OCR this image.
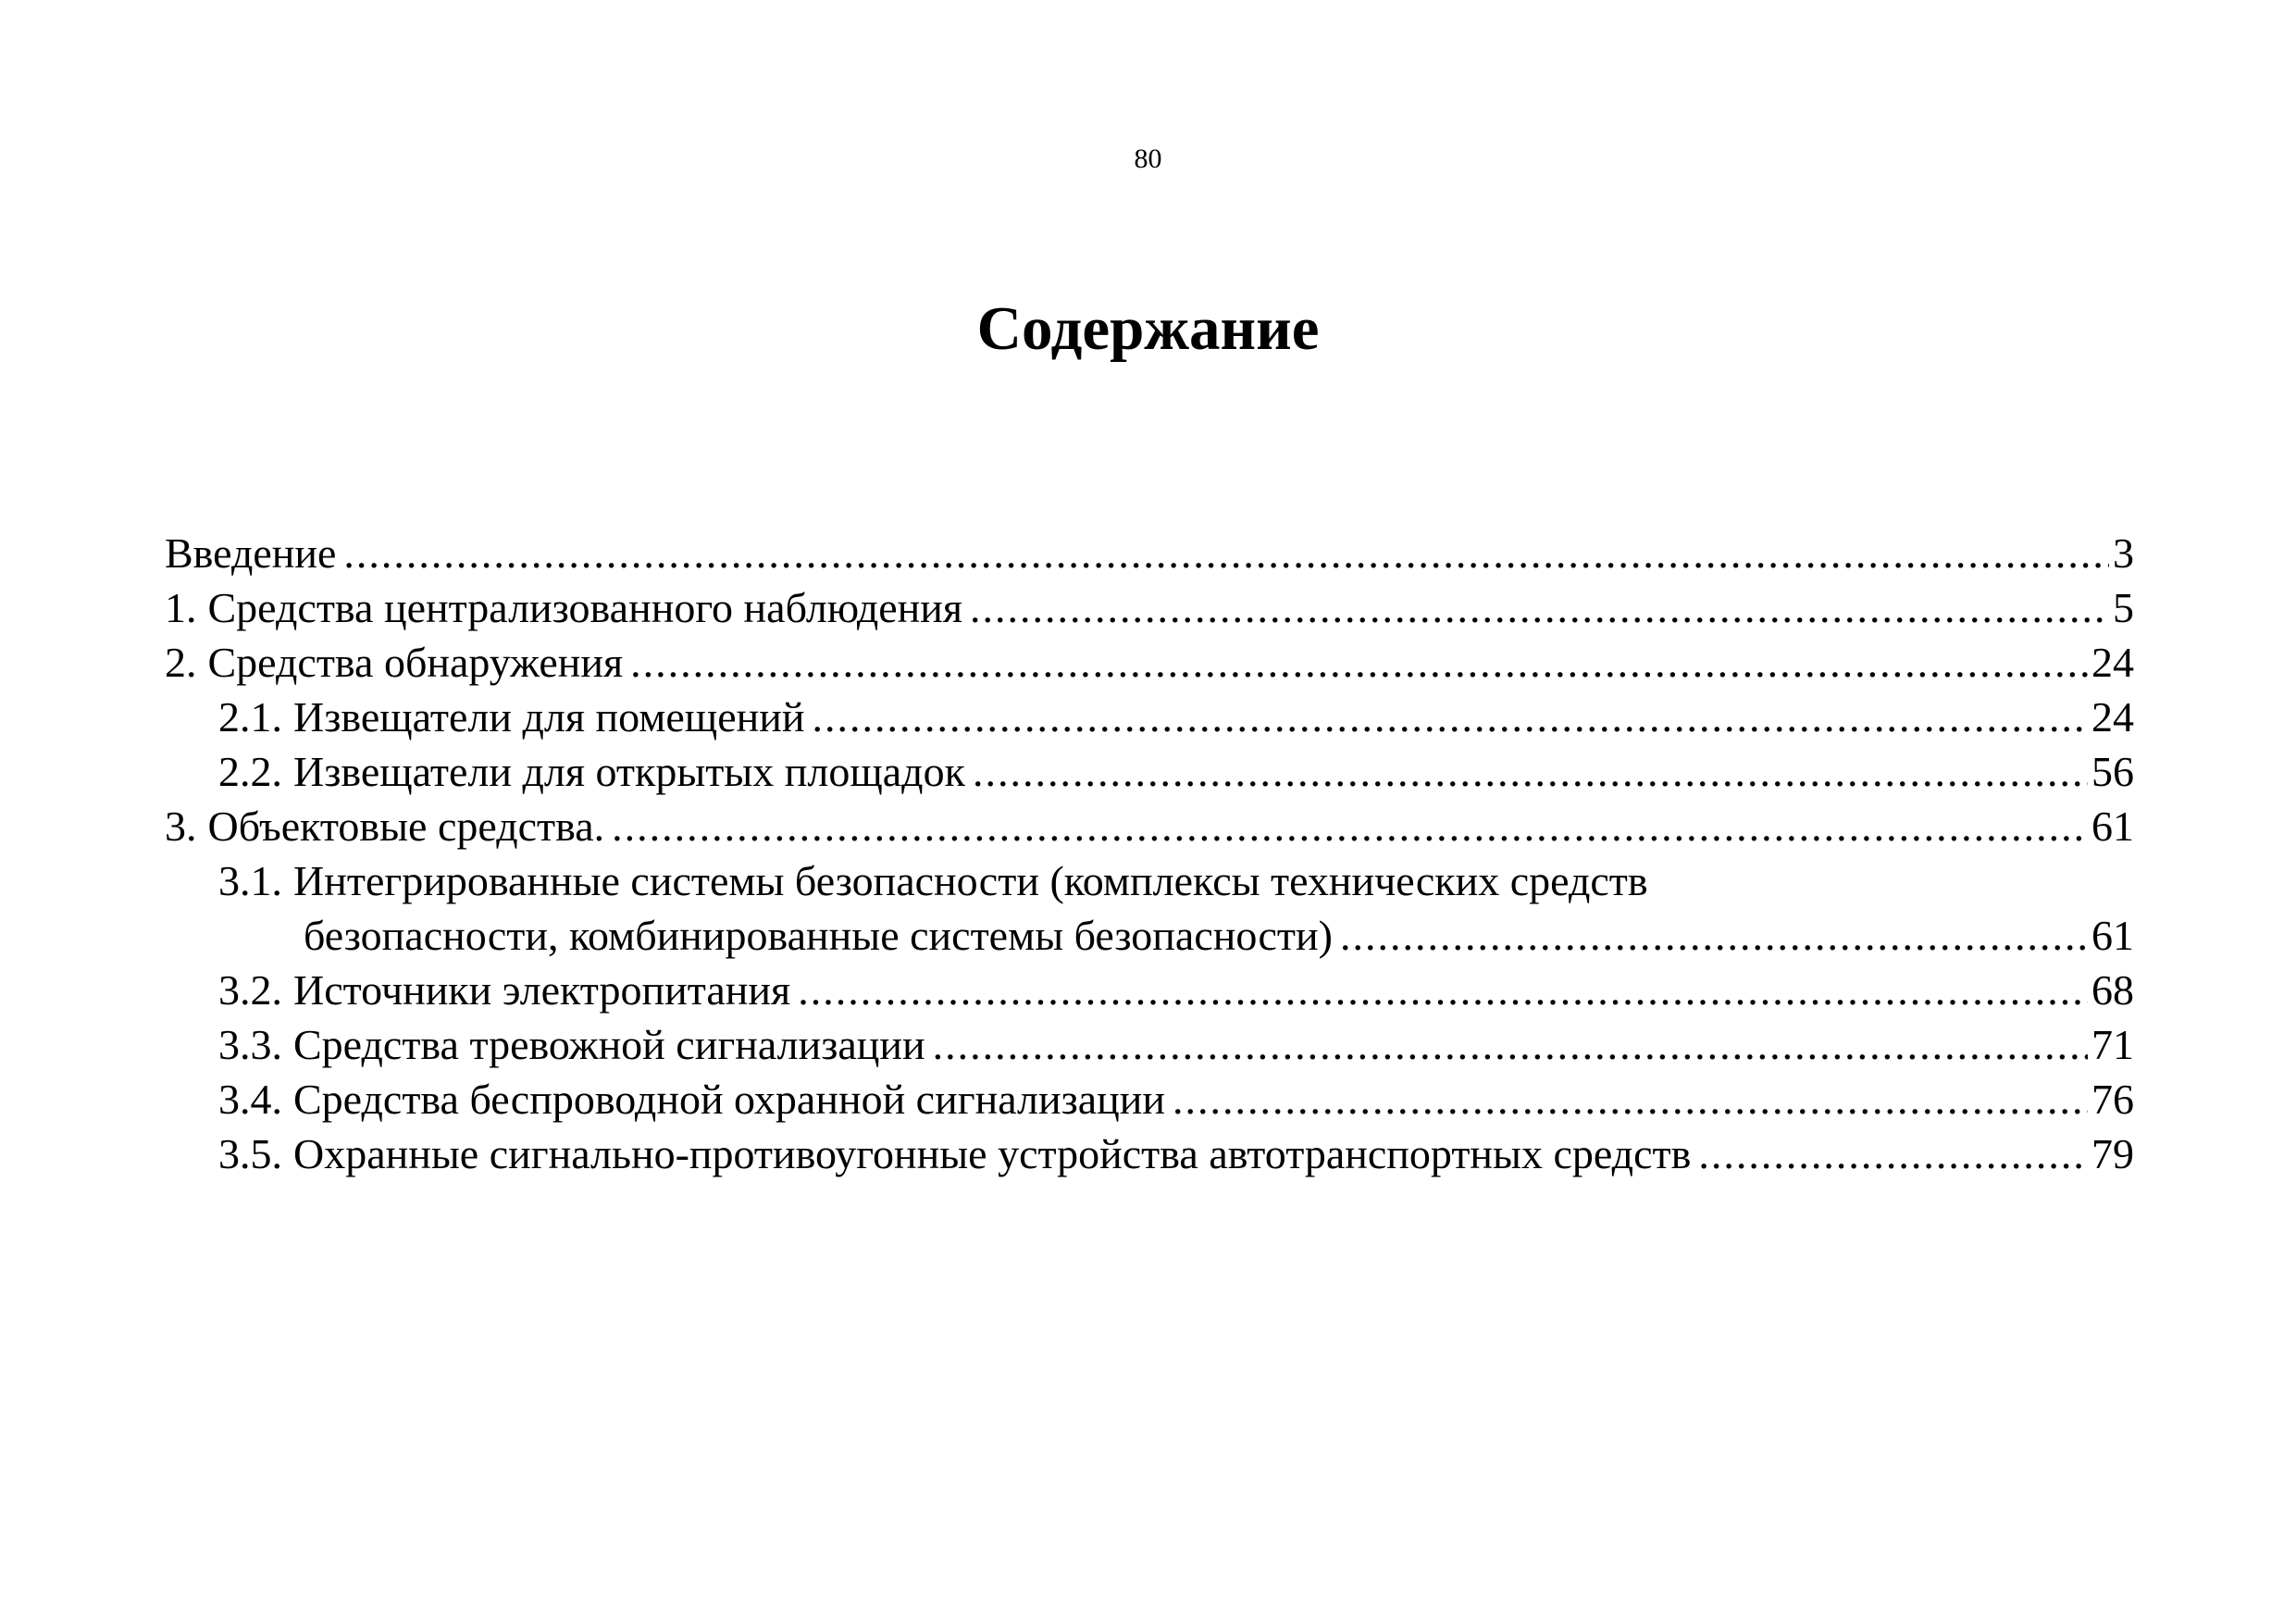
80
Содержание
Введение .....	3
1. Средства централизованного наблюдения .....	5
2. Средства обнаружения .....	24
2.1. Извещатели для помещений .....	24
2.2. Извещатели для открытых площадок .....	56
3. Объектовые средства. .....	61
3.1. Интегрированные системы безопасности (комплексы технических средств
безопасности, комбинированные системы безопасности) .....	61
3.2. Источники электропитания .....	68
3.3. Средства тревожной сигнализации .....	71
3.4. Средства беспроводной охранной сигнализации .....	76
3.5. Охранные сигнально-противоугонные устройства автотранспортных средств .....	79
